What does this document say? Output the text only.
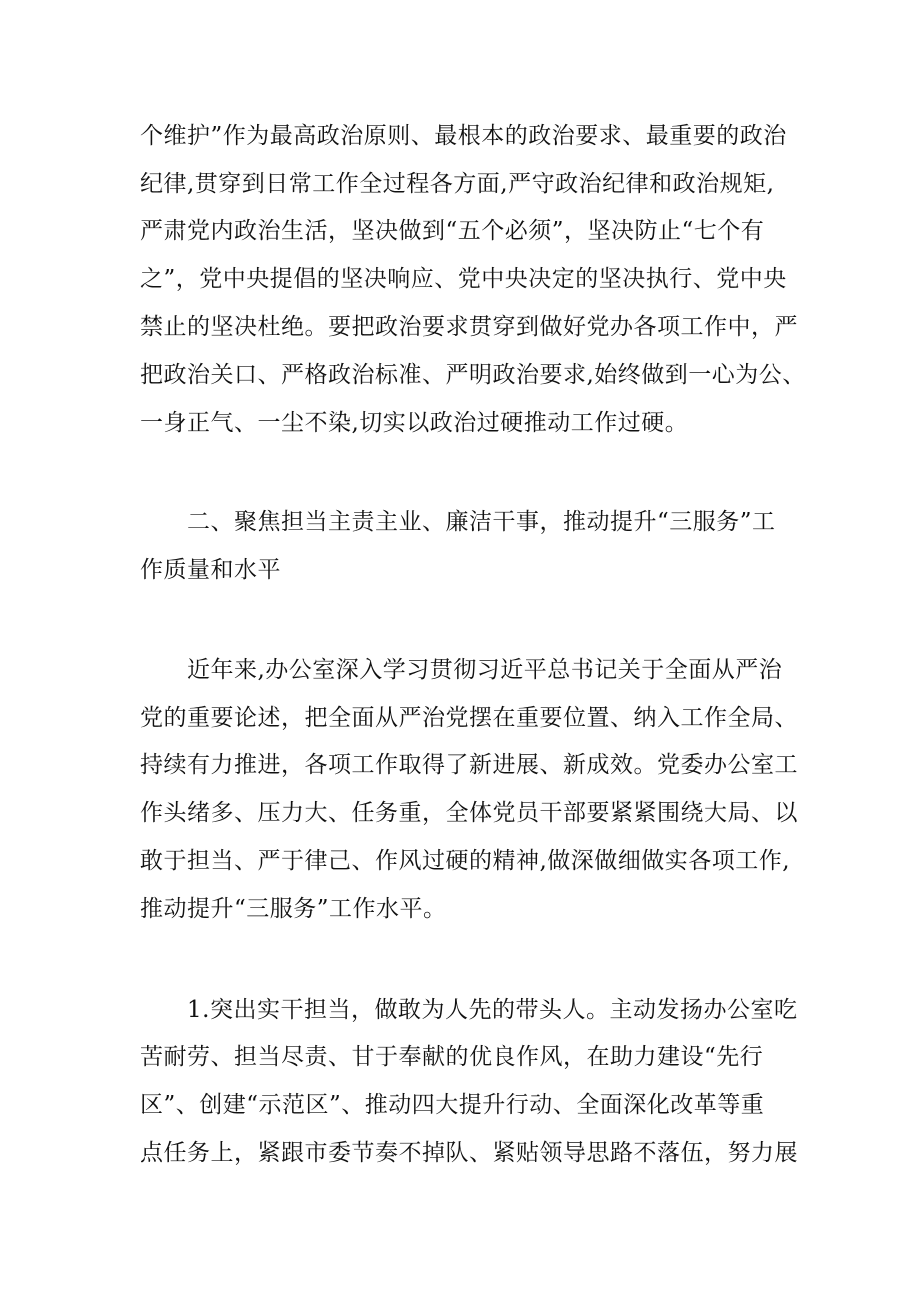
个维护”作为最高政治原则、最根本的政治要求、最重要的政治
纪律,贯穿到日常工作全过程各方面,严守政治纪律和政治规矩,
严肃党内政治生活，坚决做到“五个必须”，坚决防止“七个有
之”，党中央提倡的坚决响应、党中央决定的坚决执行、党中央
禁止的坚决杜绝。要把政治要求贯穿到做好党办各项工作中，严
把政治关口、严格政治标准、严明政治要求,始终做到一心为公、
一身正气、一尘不染,切实以政治过硬推动工作过硬。
二、聚焦担当主责主业、廉洁干事，推动提升“三服务”工
作质量和水平
近年来,办公室深入学习贯彻习近平总书记关于全面从严治
党的重要论述，把全面从严治党摆在重要位置、纳入工作全局、
持续有力推进，各项工作取得了新进展、新成效。党委办公室工
作头绪多、压力大、任务重，全体党员干部要紧紧围绕大局、以
敢于担当、严于律己、作风过硬的精神,做深做细做实各项工作,
推动提升“三服务”工作水平。
1.突出实干担当，做敢为人先的带头人。主动发扬办公室吃
苦耐劳、担当尽责、甘于奉献的优良作风，在助力建设“先行
区”、创建“示范区”、推动四大提升行动、全面深化改革等重
点任务上，紧跟市委节奏不掉队、紧贴领导思路不落伍，努力展
